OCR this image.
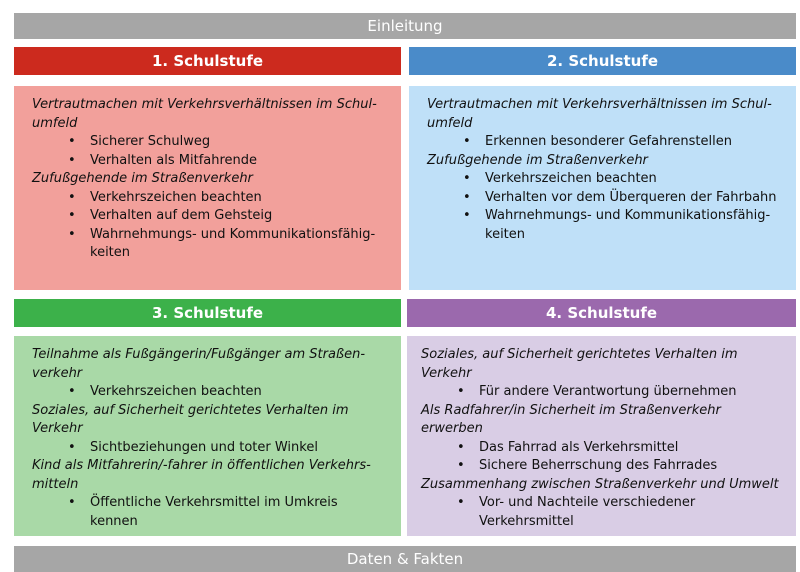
Einleitung
1. Schulstufe	2. Schulstufe
3. Schulstufe	4. Schulstufe
Vertrautmachen mit Verkehrsverhältnissen im Schul-umfeld
• Sicherer Schulweg
• Verhalten als Mitfahrende
Zufußgehende im Straßenverkehr
• Verkehrszeichen beachten
• Verhalten auf dem Gehsteig
• Wahrnehmungs- und Kommunikationsfähig-keiten
Vertrautmachen mit Verkehrsverhältnissen im Schul-umfeld
• Erkennen besonderer Gefahrenstellen
Zufußgehende im Straßenverkehr
• Verkehrszeichen beachten
• Verhalten vor dem Überqueren der Fahrbahn
• Wahrnehmungs- und Kommunikationsfähig-keiten
Teilnahme als Fußgängerin/Fußgänger am Straßen-verkehr
• Verkehrszeichen beachten
Soziales, auf Sicherheit gerichtetes Verhalten im Verkehr
• Sichtbeziehungen und toter Winkel
Kind als Mitfahrerin/-fahrer in öffentlichen Verkehrs-mitteln
• Öffentliche Verkehrsmittel im Umkreis kennen
Soziales, auf Sicherheit gerichtetes Verhalten im Verkehr
• Für andere Verantwortung übernehmen
Als Radfahrer/in Sicherheit im Straßenverkehr erwerben
• Das Fahrrad als Verkehrsmittel
• Sichere Beherrschung des Fahrrades
Zusammenhang zwischen Straßenverkehr und Umwelt
• Vor- und Nachteile verschiedener Verkehrsmittel
Daten & Fakten
